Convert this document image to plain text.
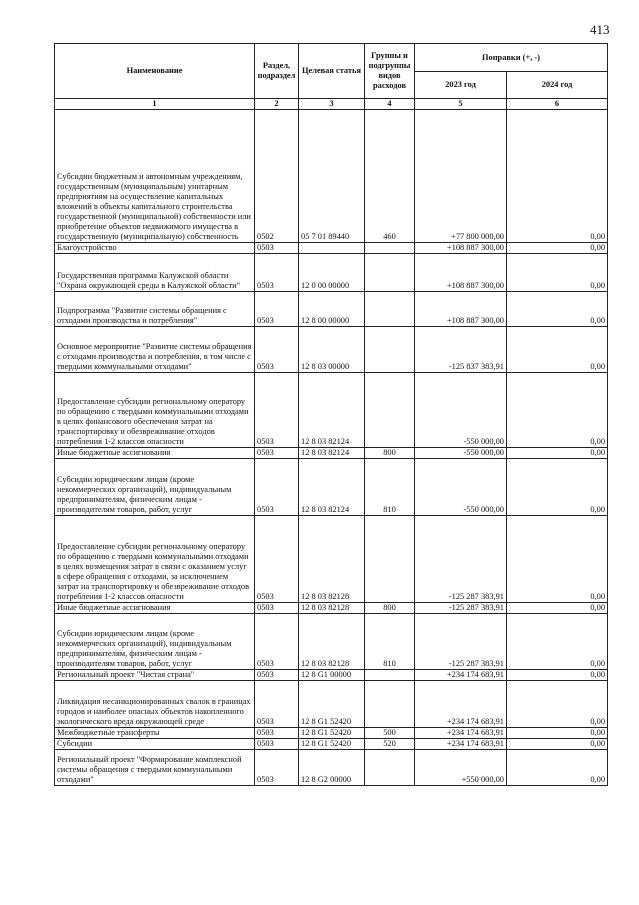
413
Наименование	Раздел, подраздел	Целевая статья	Группы и подгруппы видов расходов	Поправки (+, -)	
				2023 год	2024 год
1	2	3	4	5	6
Субсидии бюджетным и автономным учреждениям, государственным (муниципальным) унитарным предприятиям на осуществление капитальных вложений в объекты капитального строительства государственной (муниципальной) собственности или приобретение объектов недвижимого имущества в государственную (муниципальную) собственность	0502	05 7 01 89440	460	+77 800 000,00	0,00
Благоустройство	0503			+108 887 300,00	0,00
Государственная программа Калужской области "Охрана окружающей среды в Калужской области"	0503	12 0 00 00000		+108 887 300,00	0,00
Подпрограмма "Развитие системы обращения с отходами производства и потребления"	0503	12 8 00 00000		+108 887 300,00	0,00
Основное мероприятие "Развитие системы обращения с отходами производства и потребления, в том числе с твердыми коммунальными отходами"	0503	12 8 03 00000		-125 837 383,91	0,00
Предоставление субсидии региональному оператору по обращению с твердыми коммунальными отходами в целях финансового обеспечения затрат на транспортировку и обезвреживание отходов потребления 1-2 классов опасности	0503	12 8 03 82124		-550 000,00	0,00
Иные бюджетные ассигнования	0503	12 8 03 82124	800	-550 000,00	0,00
Субсидии юридическим лицам (кроме некоммерческих организаций), индивидуальным предпринимателям, физическим лицам - производителям товаров, работ, услуг	0503	12 8 03 82124	810	-550 000,00	0,00
Предоставление субсидии региональному оператору по обращению с твердыми коммунальными отходами в целях возмещения затрат в связи с оказанием услуг в сфере обращения с отходами, за исключением затрат на транспортировку и обезвреживание отходов потребления 1-2 классов опасности	0503	12 8 03 82128		-125 287 383,91	0,00
Иные бюджетные ассигнования	0503	12 8 03 82128	800	-125 287 383,91	0,00
Субсидии юридическим лицам (кроме некоммерческих организаций), индивидуальным предпринимателям, физическим лицам - производителям товаров, работ, услуг	0503	12 8 03 82128	810	-125 287 383,91	0,00
Региональный проект "Чистая страна"	0503	12 8 G1 00000		+234 174 683,91	0,00
Ликвидация несанкционированных свалок в границах городов и наиболее опасных объектов накопленного экологического вреда окружающей среде	0503	12 8 G1 52420		+234 174 683,91	0,00
Межбюджетные трансферты	0503	12 8 G1 52420	500	+234 174 683,91	0,00
Субсидии	0503	12 8 G1 52420	520	+234 174 683,91	0,00
Региональный проект "Формирование комплексной системы обращения с твердыми коммунальными отходами"	0503	12 8 G2 00000		+550 000,00	0,00
